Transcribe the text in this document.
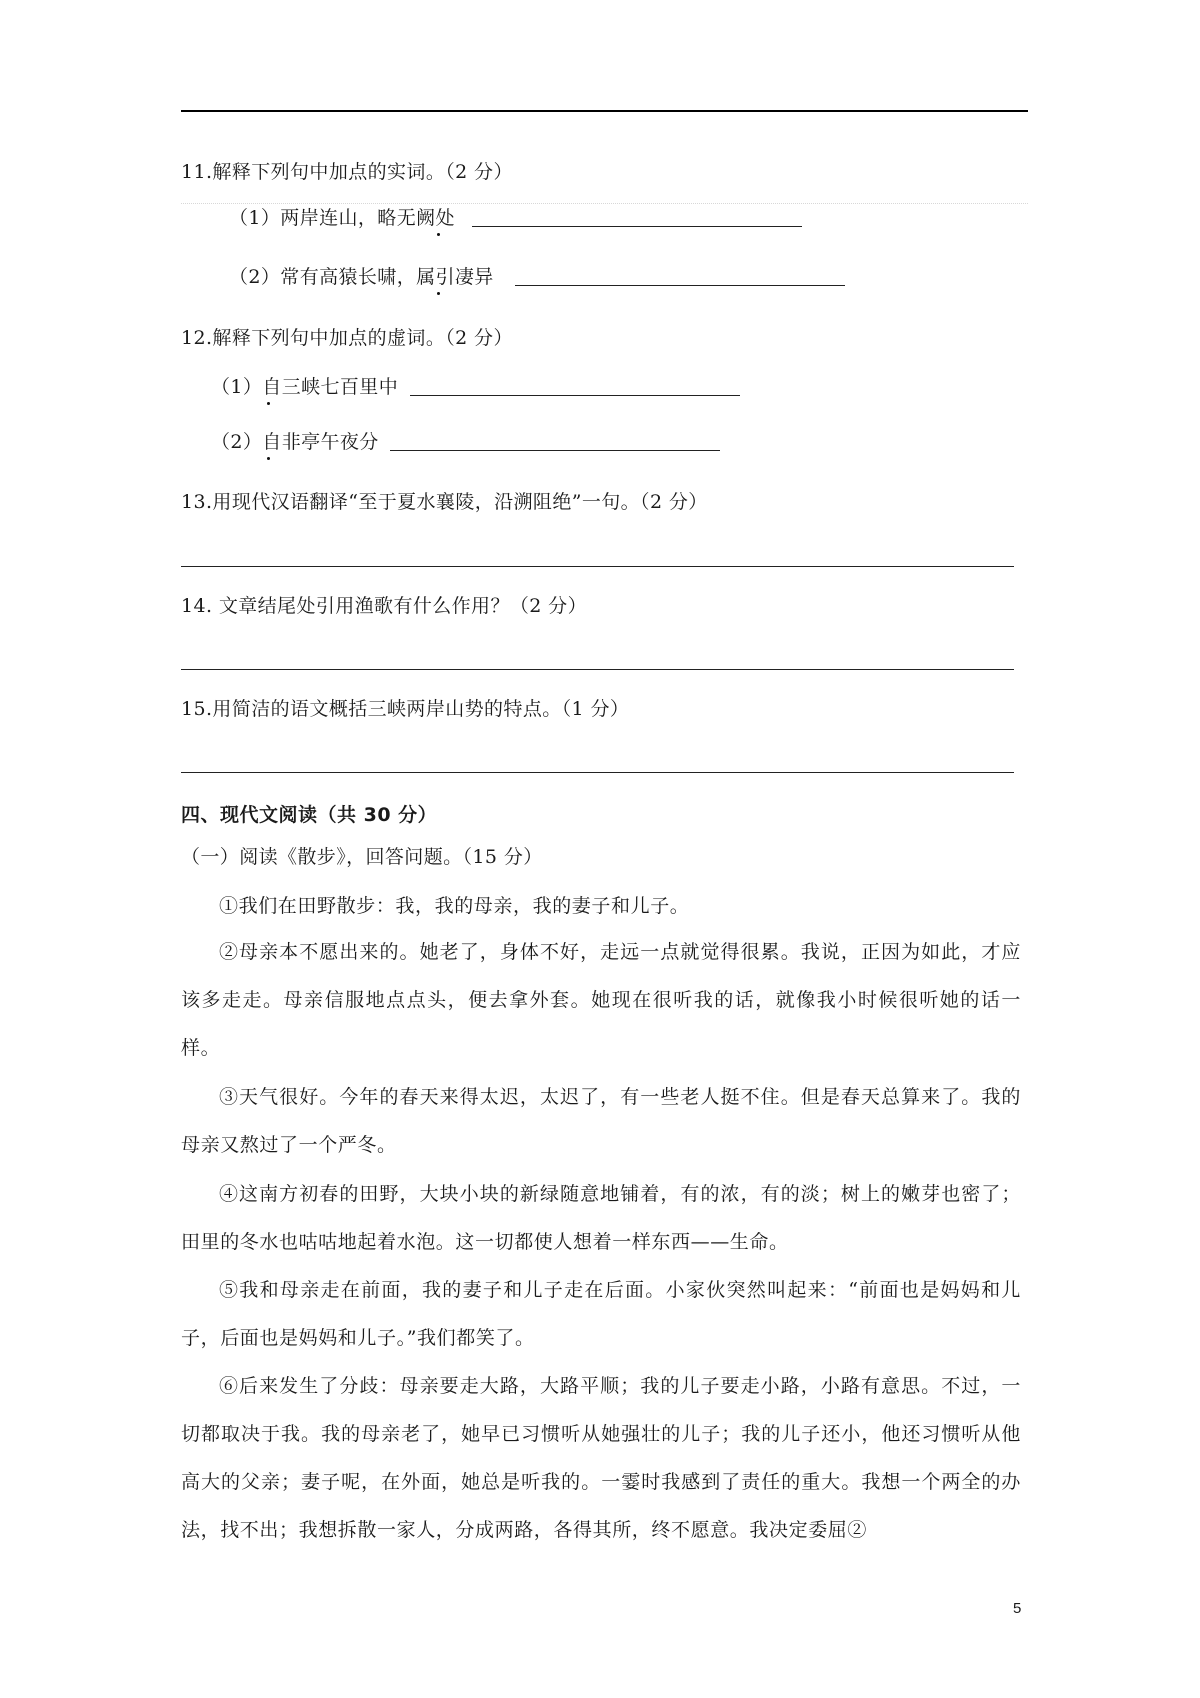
11.解释下列句中加点的实词。（2 分）
（1）两岸连山，略无阙处
（2）常有高猿长啸，属引凄异
12.解释下列句中加点的虚词。（2 分）
（1）自三峡七百里中
（2）自非亭午夜分
13.用现代汉语翻译“至于夏水襄陵，沿溯阻绝”一句。（2 分）
14. 文章结尾处引用渔歌有什么作用？（2 分）
15.用简洁的语文概括三峡两岸山势的特点。（1 分）
四、现代文阅读（共 30 分）
（一）阅读《散步》，回答问题。（15 分）
①我们在田野散步：我，我的母亲，我的妻子和儿子。
②母亲本不愿出来的。她老了，身体不好，走远一点就觉得很累。我说，正因为如此，才应该多走走。母亲信服地点点头，便去拿外套。她现在很听我的话，就像我小时候很听她的话一样。
③天气很好。今年的春天来得太迟，太迟了，有一些老人挺不住。但是春天总算来了。我的母亲又熬过了一个严冬。
④这南方初春的田野，大块小块的新绿随意地铺着，有的浓，有的淡；树上的嫩芽也密了；田里的冬水也咕咕地起着水泡。这一切都使人想着一样东西——生命。
⑤我和母亲走在前面，我的妻子和儿子走在后面。小家伙突然叫起来：“前面也是妈妈和儿子，后面也是妈妈和儿子。”我们都笑了。
⑥后来发生了分歧：母亲要走大路，大路平顺；我的儿子要走小路，小路有意思。不过，一切都取决于我。我的母亲老了，她早已习惯听从她强壮的儿子；我的儿子还小，他还习惯听从他高大的父亲；妻子呢，在外面，她总是听我的。一霎时我感到了责任的重大。我想一个两全的办法，找不出；我想拆散一家人，分成两路，各得其所，终不愿意。我决定委屈②
5
